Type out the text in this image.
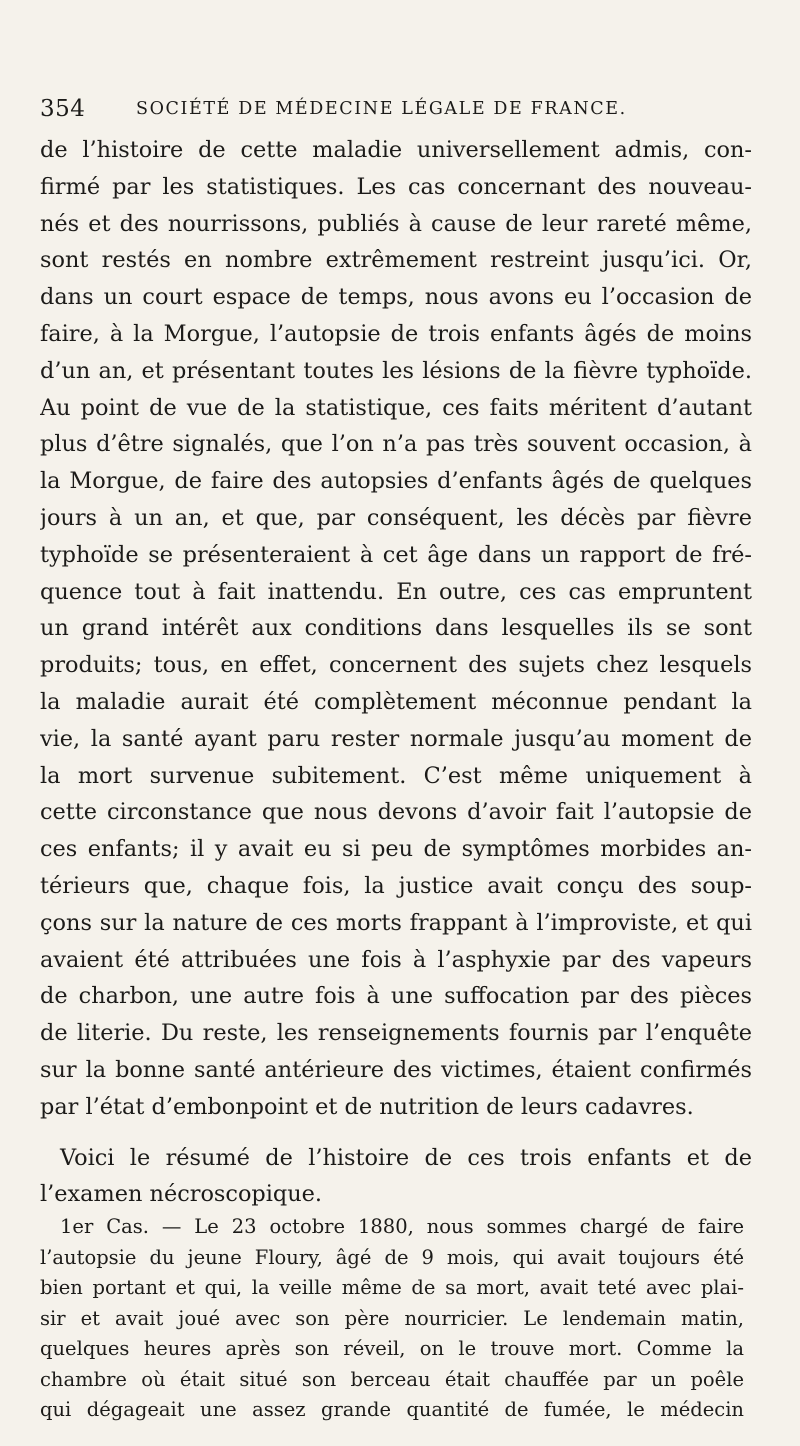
354	SOCIÉTÉ DE MÉDECINE LÉGALE DE FRANCE.
de l’histoire de cette maladie universellement admis, con-
firmé par les statistiques. Les cas concernant des nouveau-
nés et des nourrissons, publiés à cause de leur rareté même,
sont restés en nombre extrêmement restreint jusqu’ici. Or,
dans un court espace de temps, nous avons eu l’occasion de
faire, à la Morgue, l’autopsie de trois enfants âgés de moins
d’un an, et présentant toutes les lésions de la fièvre typhoïde.
Au point de vue de la statistique, ces faits méritent d’autant
plus d’être signalés, que l’on n’a pas très souvent occasion, à
la Morgue, de faire des autopsies d’enfants âgés de quelques
jours à un an, et que, par conséquent, les décès par fièvre
typhoïde se présenteraient à cet âge dans un rapport de fré-
quence tout à fait inattendu. En outre, ces cas empruntent
un grand intérêt aux conditions dans lesquelles ils se sont
produits; tous, en effet, concernent des sujets chez lesquels
la maladie aurait été complètement méconnue pendant la
vie, la santé ayant paru rester normale jusqu’au moment de
la mort survenue subitement. C’est même uniquement à
cette circonstance que nous devons d’avoir fait l’autopsie de
ces enfants; il y avait eu si peu de symptômes morbides an-
térieurs que, chaque fois, la justice avait conçu des soup-
çons sur la nature de ces morts frappant à l’improviste, et qui
avaient été attribuées une fois à l’asphyxie par des vapeurs
de charbon, une autre fois à une suffocation par des pièces
de literie. Du reste, les renseignements fournis par l’enquête
sur la bonne santé antérieure des victimes, étaient confirmés
par l’état d’embonpoint et de nutrition de leurs cadavres.
Voici le résumé de l’histoire de ces trois enfants et de
l’examen nécroscopique.
1er Cas. — Le 23 octobre 1880, nous sommes chargé de faire
l’autopsie du jeune Floury, âgé de 9 mois, qui avait toujours été
bien portant et qui, la veille même de sa mort, avait teté avec plai-
sir et avait joué avec son père nourricier. Le lendemain matin,
quelques heures après son réveil, on le trouve mort. Comme la
chambre où était situé son berceau était chauffée par un poêle
qui dégageait une assez grande quantité de fumée, le médecin
